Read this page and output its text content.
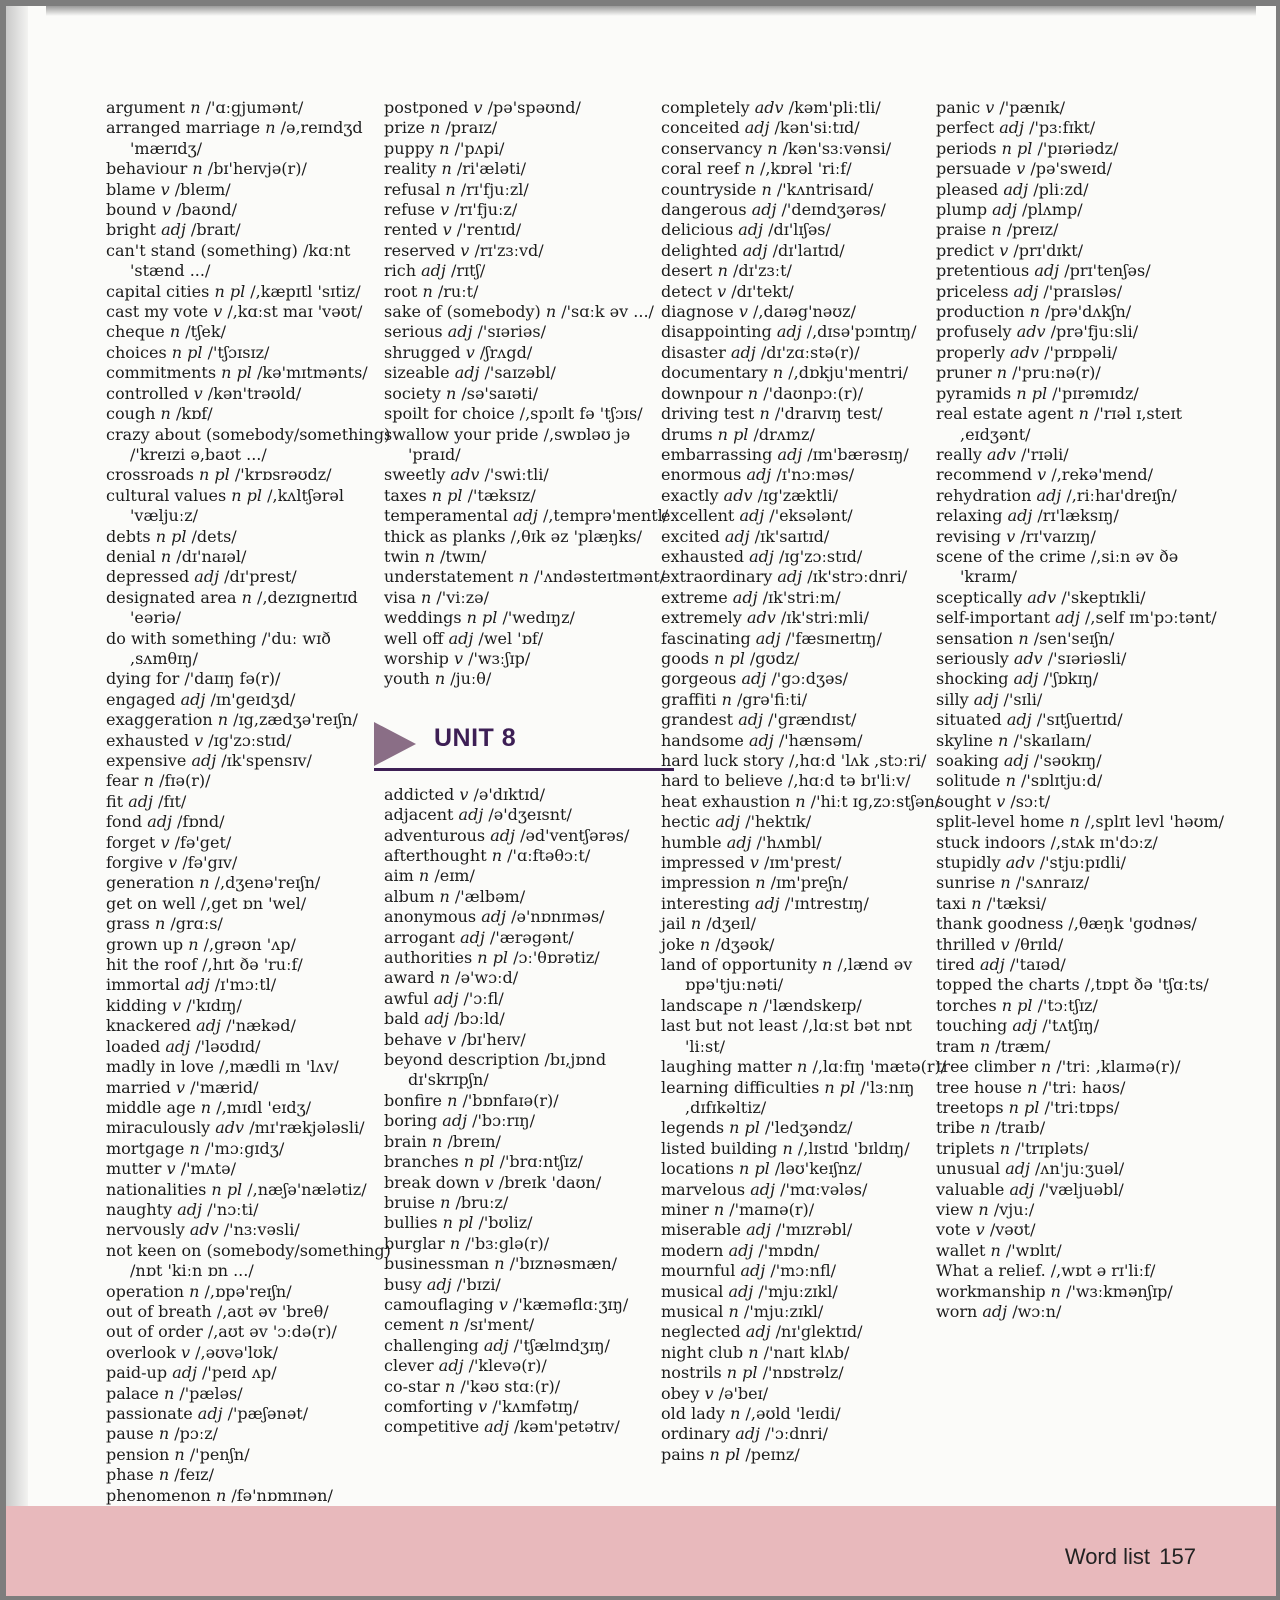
argument n /'ɑːgjumənt/
arranged marriage n /ə,reɪndʒd 'mærɪdʒ/
behaviour n /bɪ'heɪvjə(r)/
blame v /bleɪm/
bound v /baʊnd/
bright adj /braɪt/
can't stand (something) /kɑːnt 'stænd .../
capital cities n pl /,kæpɪtl 'sɪtiz/
cast my vote v /,kɑːst maɪ 'vəʊt/
cheque n /tʃek/
choices n pl /'tʃɔɪsɪz/
commitments n pl /kə'mɪtmənts/
controlled v /kən'trəʊld/
cough n /kɒf/
crazy about (somebody/something) /'kreɪzi ə,baʊt .../
crossroads n pl /'krɒsrəʊdz/
cultural values n pl /,kʌltʃərəl 'væljuːz/
debts n pl /dets/
denial n /dɪ'naɪəl/
depressed adj /dɪ'prest/
designated area n /,dezɪgneɪtɪd 'eəriə/
do with something /'duː wɪð ,sʌmθɪŋ/
dying for /'daɪɪŋ fə(r)/
engaged adj /ɪn'geɪdʒd/
exaggeration n /ɪg,zædʒə'reɪʃn/
exhausted v /ɪg'zɔːstɪd/
expensive adj /ɪk'spensɪv/
fear n /fɪə(r)/
fit adj /fɪt/
fond adj /fɒnd/
forget v /fə'get/
forgive v /fə'gɪv/
generation n /,dʒenə'reɪʃn/
get on well /,get ɒn 'wel/
grass n /grɑːs/
grown up n /,grəʊn 'ʌp/
hit the roof /,hɪt ðə 'ruːf/
immortal adj /ɪ'mɔːtl/
kidding v /'kɪdɪŋ/
knackered adj /'nækəd/
loaded adj /'ləʊdɪd/
madly in love /,mædli ɪn 'lʌv/
married v /'mærid/
middle age n /,mɪdl 'eɪdʒ/
miraculously adv /mɪ'rækjələsli/
mortgage n /'mɔːgɪdʒ/
mutter v /'mʌtə/
nationalities n pl /,næʃə'nælətiz/
naughty adj /'nɔːti/
nervously adv /'nɜːvəsli/
not keen on (somebody/something) /nɒt 'kiːn ɒn .../
operation n /,ɒpə'reɪʃn/
out of breath /,aʊt əv 'breθ/
out of order /,aʊt əv 'ɔːdə(r)/
overlook v /,əʊvə'lʊk/
paid-up adj /'peɪd ʌp/
palace n /'pæləs/
passionate adj /'pæʃənət/
pause n /pɔːz/
pension n /'penʃn/
phase n /feɪz/
phenomenon n /fə'nɒmɪnən/
postponed v /pə'spəʊnd/
prize n /praɪz/
puppy n /'pʌpi/
reality n /ri'æləti/
refusal n /rɪ'fjuːzl/
refuse v /rɪ'fjuːz/
rented v /'rentɪd/
reserved v /rɪ'zɜːvd/
rich adj /rɪtʃ/
root n /ruːt/
sake of (somebody) n /'sɑːk əv .../
serious adj /'sɪəriəs/
shrugged v /ʃrʌgd/
sizeable adj /'saɪzəbl/
society n /sə'saɪəti/
spoilt for choice /,spɔɪlt fə 'tʃɔɪs/
swallow your pride /,swɒləʊ jə 'praɪd/
sweetly adv /'swiːtli/
taxes n pl /'tæksɪz/
temperamental adj /,temprə'mentl/
thick as planks /,θɪk əz 'plæŋks/
twin n /twɪn/
understatement n /'ʌndəsteɪtmənt/
visa n /'viːzə/
weddings n pl /'wedɪŋz/
well off adj /wel 'ɒf/
worship v /'wɜːʃɪp/
youth n /juːθ/
UNIT 8
addicted v /ə'dɪktɪd/
adjacent adj /ə'dʒeɪsnt/
adventurous adj /əd'ventʃərəs/
afterthought n /'ɑːftəθɔːt/
aim n /eɪm/
album n /'ælbəm/
anonymous adj /ə'nɒnɪməs/
arrogant adj /'ærəgənt/
authorities n pl /ɔː'θɒrətiz/
award n /ə'wɔːd/
awful adj /'ɔːfl/
bald adj /bɔːld/
behave v /bɪ'heɪv/
beyond description /bɪ,jɒnd dɪ'skrɪpʃn/
bonfire n /'bɒnfaɪə(r)/
boring adj /'bɔːrɪŋ/
brain n /breɪn/
branches n pl /'brɑːntʃɪz/
break down v /breɪk 'daʊn/
bruise n /bruːz/
bullies n pl /'bʊliz/
burglar n /'bɜːglə(r)/
businessman n /'bɪznəsmæn/
busy adj /'bɪzi/
camouflaging v /'kæməflɑːʒɪŋ/
cement n /sɪ'ment/
challenging adj /'tʃælɪndʒɪŋ/
clever adj /'klevə(r)/
co-star n /'kəʊ stɑː(r)/
comforting v /'kʌmfətɪŋ/
competitive adj /kəm'petətɪv/
completely adv /kəm'pliːtli/
conceited adj /kən'siːtɪd/
conservancy n /kən'sɜːvənsi/
coral reef n /,kɒrəl 'riːf/
countryside n /'kʌntrisaɪd/
dangerous adj /'deɪndʒərəs/
delicious adj /dɪ'lɪʃəs/
delighted adj /dɪ'laɪtɪd/
desert n /dɪ'zɜːt/
detect v /dɪ'tekt/
diagnose v /,daɪəg'nəʊz/
disappointing adj /,dɪsə'pɔɪntɪŋ/
disaster adj /dɪ'zɑːstə(r)/
documentary n /,dɒkju'mentri/
downpour n /'daʊnpɔː(r)/
driving test n /'draɪvɪŋ test/
drums n pl /drʌmz/
embarrassing adj /ɪm'bærəsɪŋ/
enormous adj /ɪ'nɔːməs/
exactly adv /ɪg'zæktli/
excellent adj /'eksələnt/
excited adj /ɪk'saɪtɪd/
exhausted adj /ɪg'zɔːstɪd/
extraordinary adj /ɪk'strɔːdnri/
extreme adj /ɪk'striːm/
extremely adv /ɪk'striːmli/
fascinating adj /'fæsɪneɪtɪŋ/
goods n pl /gʊdz/
gorgeous adj /'gɔːdʒəs/
graffiti n /grə'fiːti/
grandest adj /'grændɪst/
handsome adj /'hænsəm/
hard luck story /,hɑːd 'lʌk ,stɔːri/
hard to believe /,hɑːd tə bɪ'liːv/
heat exhaustion n /'hiːt ɪg,zɔːstʃən/
hectic adj /'hektɪk/
humble adj /'hʌmbl/
impressed v /ɪm'prest/
impression n /ɪm'preʃn/
interesting adj /'ɪntrestɪŋ/
jail n /dʒeɪl/
joke n /dʒəʊk/
land of opportunity n /,lænd əv ɒpə'tjuːnəti/
landscape n /'lændskeɪp/
last but not least /,lɑːst bət nɒt 'liːst/
laughing matter n /,lɑːfɪŋ 'mætə(r)/
learning difficulties n pl /'lɜːnɪŋ ,dɪfɪkəltiz/
legends n pl /'ledʒəndz/
listed building n /,lɪstɪd 'bɪldɪŋ/
locations n pl /ləʊ'keɪʃnz/
marvelous adj /'mɑːvələs/
miner n /'maɪnə(r)/
miserable adj /'mɪzrəbl/
modern adj /'mɒdn/
mournful adj /'mɔːnfl/
musical adj /'mjuːzɪkl/
musical n /'mjuːzɪkl/
neglected adj /nɪ'glektɪd/
night club n /'naɪt klʌb/
nostrils n pl /'nɒstrəlz/
obey v /ə'beɪ/
old lady n /,əʊld 'leɪdi/
ordinary adj /'ɔːdnri/
pains n pl /peɪnz/
panic v /'pænɪk/
perfect adj /'pɜːfɪkt/
periods n pl /'pɪəriədz/
persuade v /pə'sweɪd/
pleased adj /pliːzd/
plump adj /plʌmp/
praise n /preɪz/
predict v /prɪ'dɪkt/
pretentious adj /prɪ'tenʃəs/
priceless adj /'praɪsləs/
production n /prə'dʌkʃn/
profusely adv /prə'fjuːsli/
properly adv /'prɒpəli/
pruner n /'pruːnə(r)/
pyramids n pl /'pɪrəmɪdz/
real estate agent n /'rɪəl ɪ,steɪt ,eɪdʒənt/
really adv /'rɪəli/
recommend v /,rekə'mend/
rehydration adj /,riːhaɪ'dreɪʃn/
relaxing adj /rɪ'læksɪŋ/
revising v /rɪ'vaɪzɪŋ/
scene of the crime /,siːn əv ðə 'kraɪm/
sceptically adv /'skeptɪkli/
self-important adj /,self ɪm'pɔːtənt/
sensation n /sen'seɪʃn/
seriously adv /'sɪəriəsli/
shocking adj /'ʃɒkɪŋ/
silly adj /'sɪli/
situated adj /'sɪtʃueɪtɪd/
skyline n /'skaɪlaɪn/
soaking adj /'səʊkɪŋ/
solitude n /'sɒlɪtjuːd/
sought v /sɔːt/
split-level home n /,splɪt levl 'həʊm/
stuck indoors /,stʌk ɪn'dɔːz/
stupidly adv /'stjuːpɪdli/
sunrise n /'sʌnraɪz/
taxi n /'tæksi/
thank goodness /,θæŋk 'gʊdnəs/
thrilled v /θrɪld/
tired adj /'taɪəd/
topped the charts /,tɒpt ðə 'tʃɑːts/
torches n pl /'tɔːtʃɪz/
touching adj /'tʌtʃɪŋ/
tram n /træm/
tree climber n /'triː ,klaɪmə(r)/
tree house n /'triː haʊs/
treetops n pl /'triːtɒps/
tribe n /traɪb/
triplets n /'trɪpləts/
unusual adj /ʌn'juːʒuəl/
valuable adj /'væljuəbl/
view n /vjuː/
vote v /vəʊt/
wallet n /'wɒlɪt/
What a relief. /,wɒt ə rɪ'liːf/
workmanship n /'wɜːkmənʃɪp/
worn adj /wɔːn/
Word list 157
